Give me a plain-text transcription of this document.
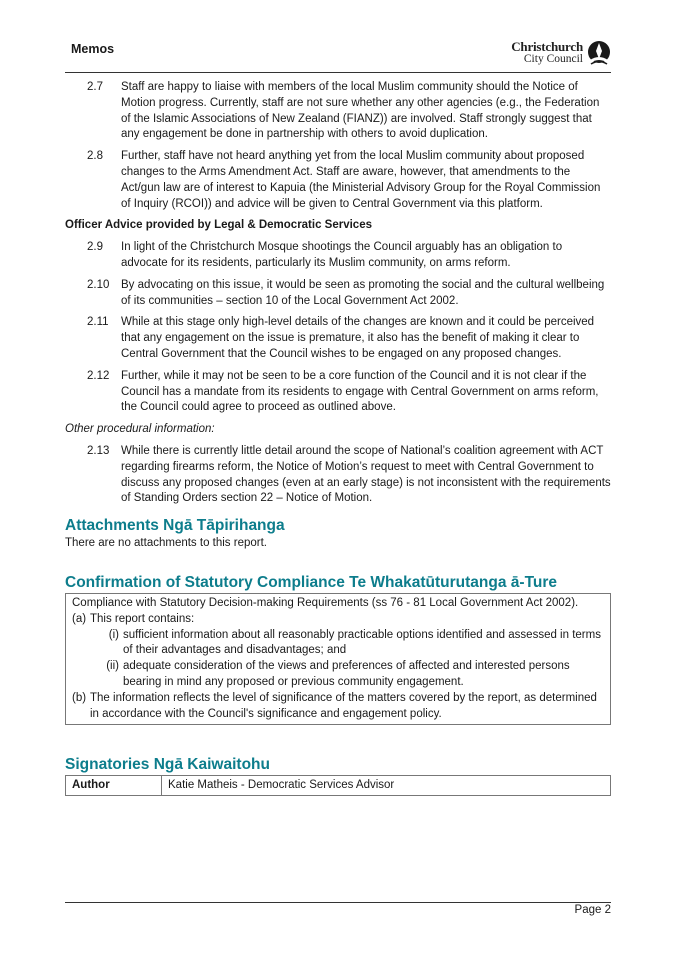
Memos	Christchurch
City Council
2.7	Staff are happy to liaise with members of the local Muslim community should the Notice of Motion progress. Currently, staff are not sure whether any other agencies (e.g., the Federation of the Islamic Associations of New Zealand (FIANZ)) are involved. Staff strongly suggest that any engagement be done in partnership with others to avoid duplication.
2.8	Further, staff have not heard anything yet from the local Muslim community about proposed changes to the Arms Amendment Act. Staff are aware, however, that amendments to the Act/gun law are of interest to Kapuia (the Ministerial Advisory Group for the Royal Commission of Inquiry (RCOI)) and advice will be given to Central Government via this platform.
Officer Advice provided by Legal & Democratic Services
2.9	In light of the Christchurch Mosque shootings the Council arguably has an obligation to advocate for its residents, particularly its Muslim community, on arms reform.
2.10	By advocating on this issue, it would be seen as promoting the social and the cultural wellbeing of its communities – section 10 of the Local Government Act 2002.
2.11	While at this stage only high-level details of the changes are known and it could be perceived that any engagement on the issue is premature, it also has the benefit of making it clear to Central Government that the Council wishes to be engaged on any proposed changes.
2.12	Further, while it may not be seen to be a core function of the Council and it is not clear if the Council has a mandate from its residents to engage with Central Government on arms reform, the Council could agree to proceed as outlined above.
Other procedural information:
2.13	While there is currently little detail around the scope of National’s coalition agreement with ACT regarding firearms reform, the Notice of Motion’s request to meet with Central Government to discuss any proposed changes (even at an early stage) is not inconsistent with the requirements of Standing Orders section 22 – Notice of Motion.
Attachments Ngā Tāpirihanga
There are no attachments to this report.
Confirmation of Statutory Compliance Te Whakatūturutanga ā-Ture
Compliance with Statutory Decision-making Requirements (ss 76 - 81 Local Government Act 2002).
(a) This report contains:
(i) sufficient information about all reasonably practicable options identified and assessed in terms of their advantages and disadvantages; and
(ii) adequate consideration of the views and preferences of affected and interested persons bearing in mind any proposed or previous community engagement.
(b) The information reflects the level of significance of the matters covered by the report, as determined in accordance with the Council's significance and engagement policy.
Signatories Ngā Kaiwaitohu
Author	Katie Matheis - Democratic Services Advisor
Page 2
